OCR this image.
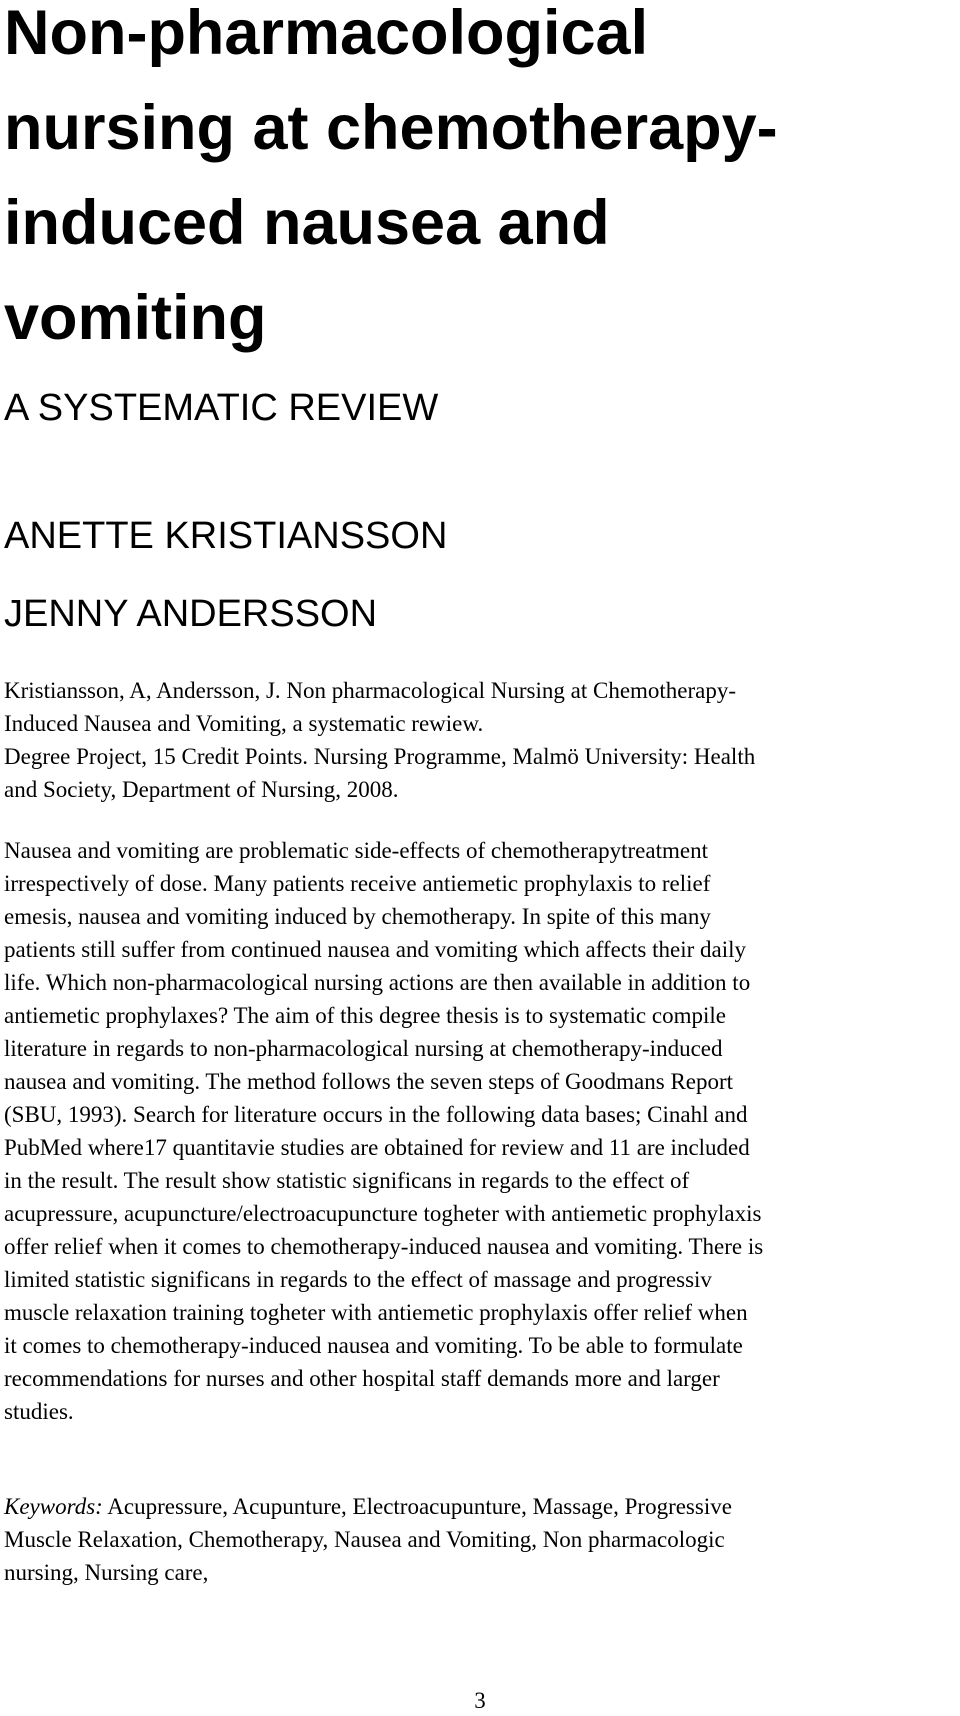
Non-pharmacological
nursing at chemotherapy-
induced nausea and
vomiting
A SYSTEMATIC REVIEW
ANETTE KRISTIANSSON
JENNY ANDERSSON
Kristiansson, A, Andersson, J. Non pharmacological Nursing at Chemotherapy-
Induced Nausea and Vomiting, a systematic rewiew.
Degree Project, 15 Credit Points. Nursing Programme, Malmö University: Health
and Society, Department of Nursing, 2008.
Nausea and vomiting are problematic side-effects of chemotherapytreatment
irrespectively of dose. Many patients receive antiemetic prophylaxis to relief
emesis, nausea and vomiting induced by chemotherapy. In spite of this many
patients still suffer from continued nausea and vomiting which affects their daily
life. Which non-pharmacological nursing actions are then available in addition to
antiemetic prophylaxes? The aim of this degree thesis is to systematic compile
literature in regards to non-pharmacological nursing at chemotherapy-induced
nausea and vomiting. The method follows the seven steps of Goodmans Report
(SBU, 1993). Search for literature occurs in the following data bases; Cinahl and
PubMed where17 quantitavie studies are obtained for review and 11 are included
in the result. The result show statistic significans in regards to the effect of
acupressure, acupuncture/electroacupuncture togheter with antiemetic prophylaxis
offer relief when it comes to chemotherapy-induced nausea and vomiting. There is
limited statistic significans in regards to the effect of massage and progressiv
muscle relaxation training togheter with antiemetic prophylaxis offer relief when
it comes to chemotherapy-induced nausea and vomiting. To be able to formulate
recommendations for nurses and other hospital staff demands more and larger
studies.
Keywords: Acupressure, Acupunture, Electroacupunture, Massage, Progressive
Muscle Relaxation, Chemotherapy, Nausea and Vomiting, Non pharmacologic
nursing, Nursing care,
3
